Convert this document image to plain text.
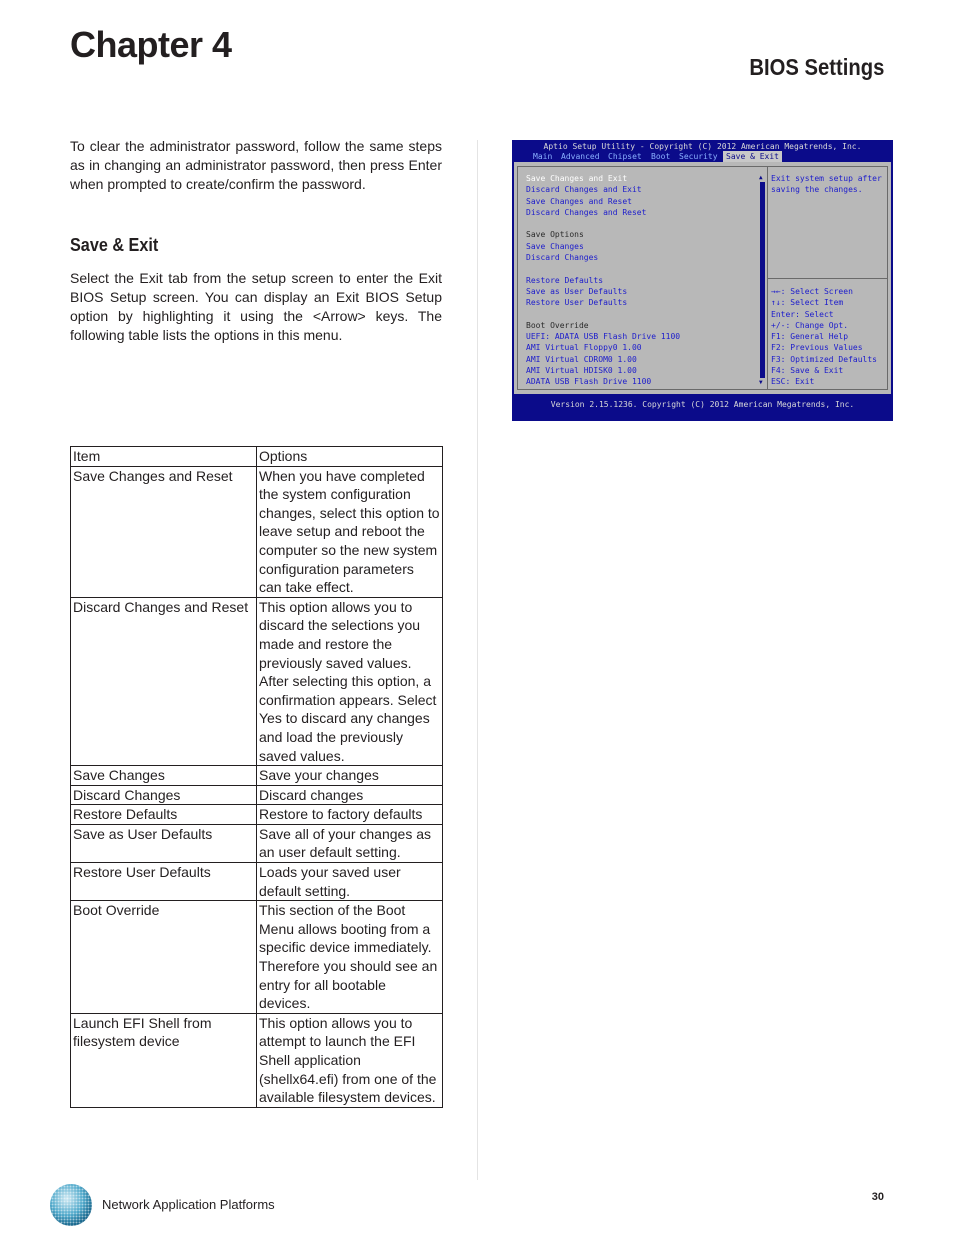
Chapter 4
BIOS Settings

To clear the administrator password, follow the same steps as in changing an administrator password, then press Enter when prompted to create/confirm the password.

Save & Exit

Select the Exit tab from the setup screen to enter the Exit BIOS Setup screen. You can display an Exit BIOS Setup option by highlighting it using the <Arrow> keys. The following table lists the options in this menu.

Item	Options
Save Changes and Reset	When you have completed the system configuration changes, select this option to leave setup and reboot the computer so the new system configuration parameters can take effect.
Discard Changes and Reset	This option allows you to discard the selections you made and restore the previously saved values. After selecting this option, a confirmation appears. Select Yes to discard any changes and load the previously saved values.
Save Changes	Save your changes
Discard Changes	Discard changes
Restore Defaults	Restore to factory defaults
Save as User Defaults	Save all of your changes as an user default setting.
Restore User Defaults	Loads your saved user default setting.
Boot Override	This section of the Boot Menu allows booting from a specific device immediately. Therefore you should see an entry for all bootable devices.
Launch EFI Shell from filesystem device	This option allows you to attempt to launch the EFI Shell application (shellx64.efi) from one of the available filesystem devices.
Aptio Setup Utility - Copyright (C) 2012 American Megatrends, Inc.
Main	Advanced	Chipset	Boot	Security	Save & Exit
Save Changes and Exit
Discard Changes and Exit
Save Changes and Reset
Discard Changes and Reset
Save Options
Save Changes
Discard Changes
Restore Defaults
Save as User Defaults
Restore User Defaults
Boot Override
UEFI: ADATA USB Flash Drive 1100
AMI Virtual Floppy0 1.00
AMI Virtual CDROM0 1.00
AMI Virtual HDISK0 1.00
ADATA USB Flash Drive 1100
▲
▼
Exit system setup after
saving the changes.
→←: Select Screen
↑↓: Select Item
Enter: Select
+/-: Change Opt.
F1: General Help
F2: Previous Values
F3: Optimized Defaults
F4: Save & Exit
ESC: Exit
Version 2.15.1236. Copyright (C) 2012 American Megatrends, Inc.
Network Application Platforms	30
